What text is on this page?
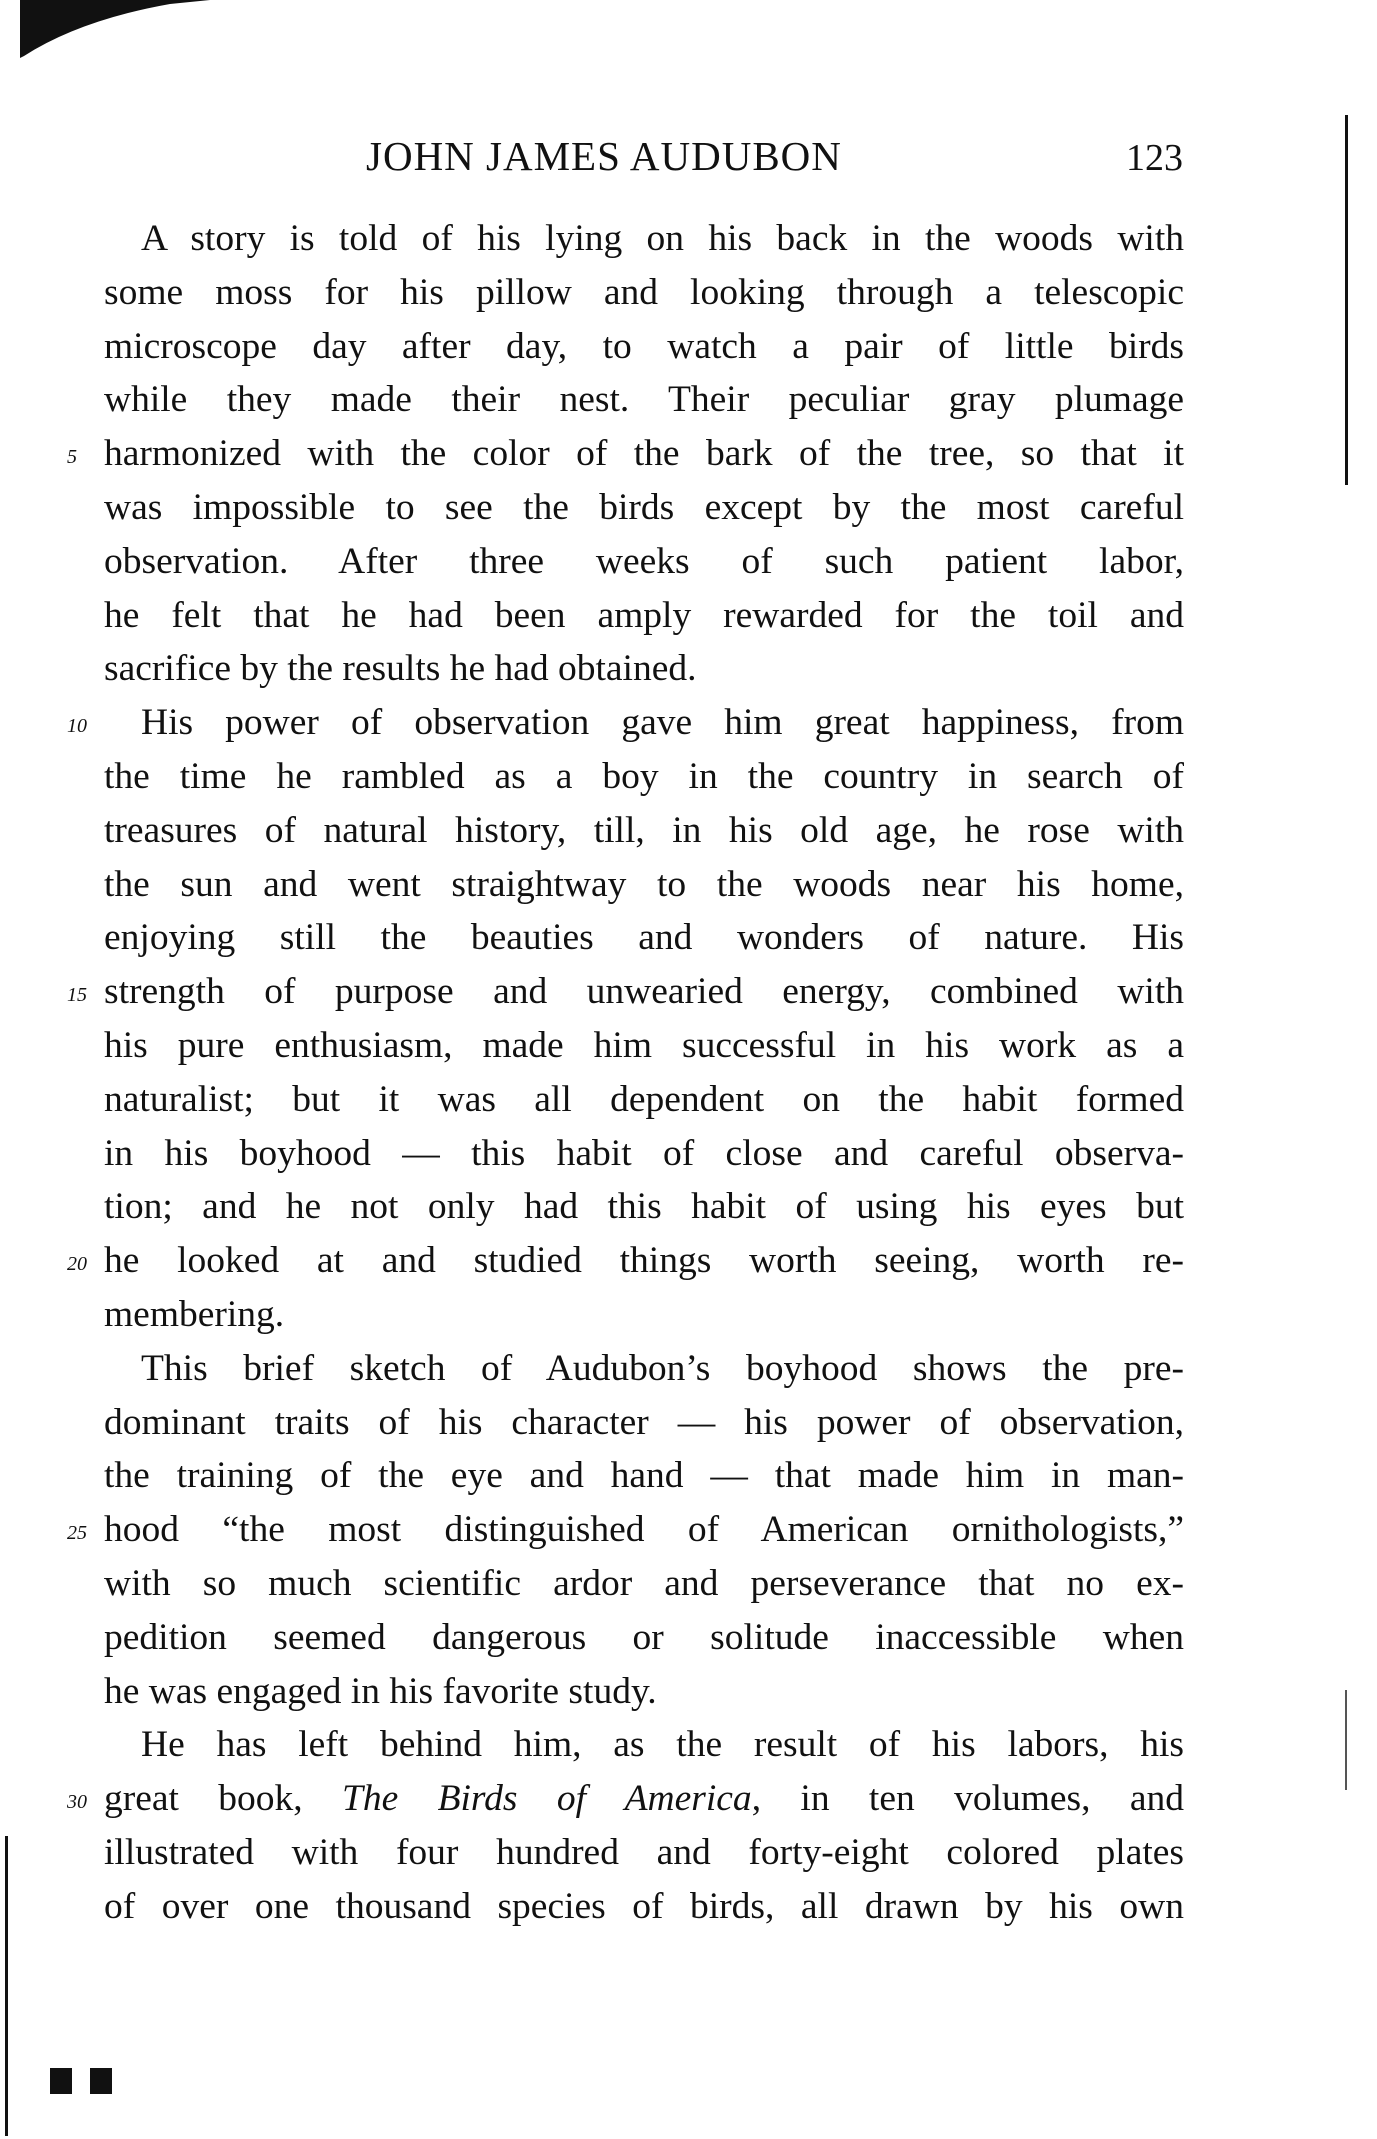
JOHN JAMES AUDUBON	123
A story is told of his lying on his back in the woods with
some moss for his pillow and looking through a telescopic
microscope day after day, to watch a pair of little birds
while they made their nest. Their peculiar gray plumage
5 harmonized with the color of the bark of the tree, so that it
was impossible to see the birds except by the most careful
observation. After three weeks of such patient labor,
he felt that he had been amply rewarded for the toil and
sacrifice by the results he had obtained.
10	His power of observation gave him great happiness, from
the time he rambled as a boy in the country in search of
treasures of natural history, till, in his old age, he rose with
the sun and went straightway to the woods near his home,
enjoying still the beauties and wonders of nature. His
15 strength of purpose and unwearied energy, combined with
his pure enthusiasm, made him successful in his work as a
naturalist; but it was all dependent on the habit formed
in his boyhood — this habit of close and careful observa-
tion; and he not only had this habit of using his eyes but
20 he looked at and studied things worth seeing, worth re-
membering.
This brief sketch of Audubon’s boyhood shows the pre-
dominant traits of his character — his power of observation,
the training of the eye and hand — that made him in man-
25 hood “the most distinguished of American ornithologists,”
with so much scientific ardor and perseverance that no ex-
pedition seemed dangerous or solitude inaccessible when
he was engaged in his favorite study.
He has left behind him, as the result of his labors, his
30 great book, The Birds of America, in ten volumes, and
illustrated with four hundred and forty-eight colored plates
of over one thousand species of birds, all drawn by his own
